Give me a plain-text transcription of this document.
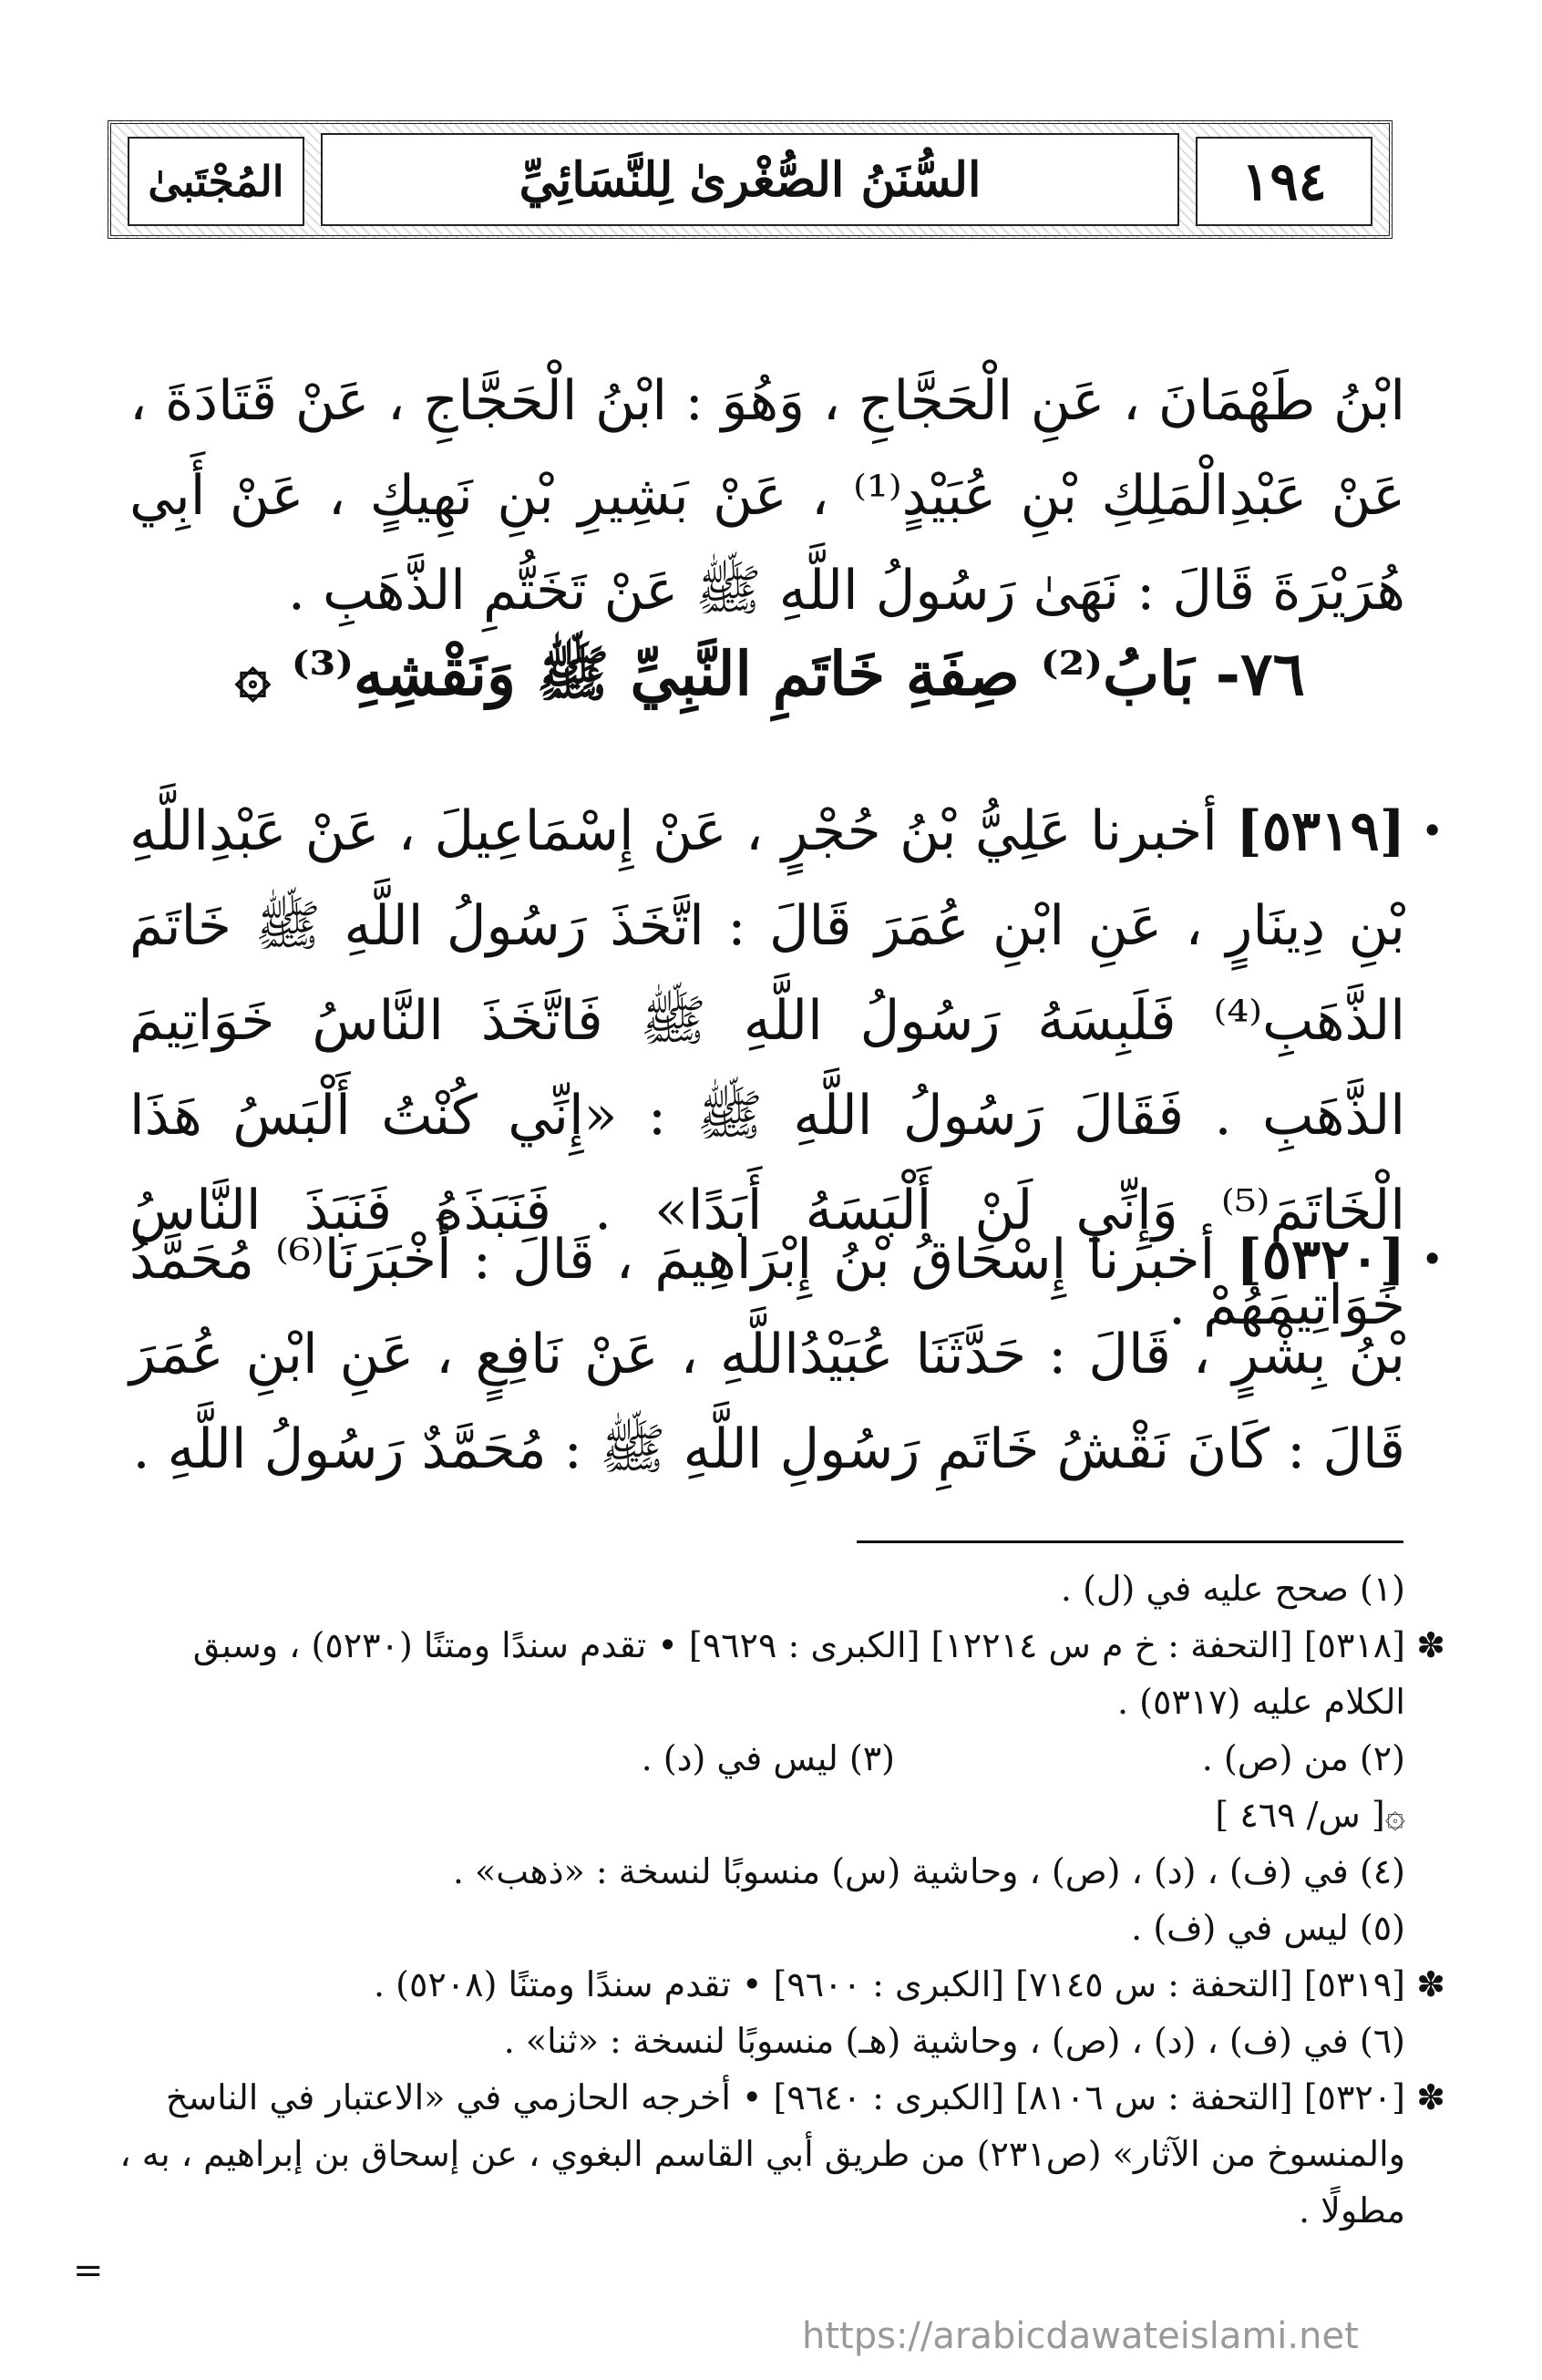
١٩٤
السُّنَنُ الصُّغْرىٰ لِلنَّسَائِيِّ
المُجْتَبىٰ

ابْنُ طَهْمَانَ ، عَنِ الْحَجَّاجِ ، وَهُوَ : ابْنُ الْحَجَّاجِ ، عَنْ قَتَادَةَ ، عَنْ عَبْدِالْمَلِكِ بْنِ عُبَيْدٍ⁽¹⁾ ، عَنْ بَشِيرِ بْنِ نَهِيكٍ ، عَنْ أَبِي هُرَيْرَةَ قَالَ : نَهَىٰ رَسُولُ اللَّهِ ﷺ عَنْ تَخَتُّمِ الذَّهَبِ .

٧٦- بَابُ⁽²⁾ صِفَةِ خَاتَمِ النَّبِيِّ ﷺ وَنَقْشِهِ⁽³⁾ ۞
•
[٥٣١٩] أخبرنا عَلِيُّ بْنُ حُجْرٍ ، عَنْ إِسْمَاعِيلَ ، عَنْ عَبْدِاللَّهِ بْنِ دِينَارٍ ، عَنِ ابْنِ عُمَرَ قَالَ : اتَّخَذَ رَسُولُ اللَّهِ ﷺ خَاتَمَ الذَّهَبِ⁽⁴⁾ فَلَبِسَهُ رَسُولُ اللَّهِ ﷺ فَاتَّخَذَ النَّاسُ خَوَاتِيمَ الذَّهَبِ . فَقَالَ رَسُولُ اللَّهِ ﷺ : «إِنِّي كُنْتُ أَلْبَسُ هَذَا الْخَاتَمَ⁽⁵⁾ وَإِنِّي لَنْ أَلْبَسَهُ أَبَدًا» . فَنَبَذَهُ فَنَبَذَ النَّاسُ خَوَاتِيمَهُمْ .
•
[٥٣٢٠] أخبرنا إِسْحَاقُ بْنُ إِبْرَاهِيمَ ، قَالَ : أَخْبَرَنَا⁽⁶⁾ مُحَمَّدُ بْنُ بِشْرٍ ، قَالَ : حَدَّثَنَا عُبَيْدُاللَّهِ ، عَنْ نَافِعٍ ، عَنِ ابْنِ عُمَرَ قَالَ : كَانَ نَقْشُ خَاتَمِ رَسُولِ اللَّهِ ﷺ : مُحَمَّدٌ رَسُولُ اللَّهِ .

(١) صحح عليه في (ل) .

✽
[٥٣١٨] [التحفة : خ م س ١٢٢١٤] [الكبرى : ٩٦٢٩] • تقدم سندًا ومتنًا (٥٢٣٠) ، وسبق الكلام عليه (٥٣١٧) .

(٢) من (ص) .
(٣) ليس في (د) .

۞[ س/ ٤٦٩ ]

(٤) في (ف) ، (د) ، (ص) ، وحاشية (س) منسوبًا لنسخة : «ذهب» .

(٥) ليس في (ف) .

✽
[٥٣١٩] [التحفة : س ٧١٤٥] [الكبرى : ٩٦٠٠] • تقدم سندًا ومتنًا (٥٢٠٨) .

(٦) في (ف) ، (د) ، (ص) ، وحاشية (هـ) منسوبًا لنسخة : «ثنا» .

✽
[٥٣٢٠] [التحفة : س ٨١٠٦] [الكبرى : ٩٦٤٠] • أخرجه الحازمي في «الاعتبار في الناسخ والمنسوخ من الآثار» (ص٢٣١) من طريق أبي القاسم البغوي ، عن إسحاق بن إبراهيم ، به ، مطولًا .

=
https://arabicdawateislami.net
